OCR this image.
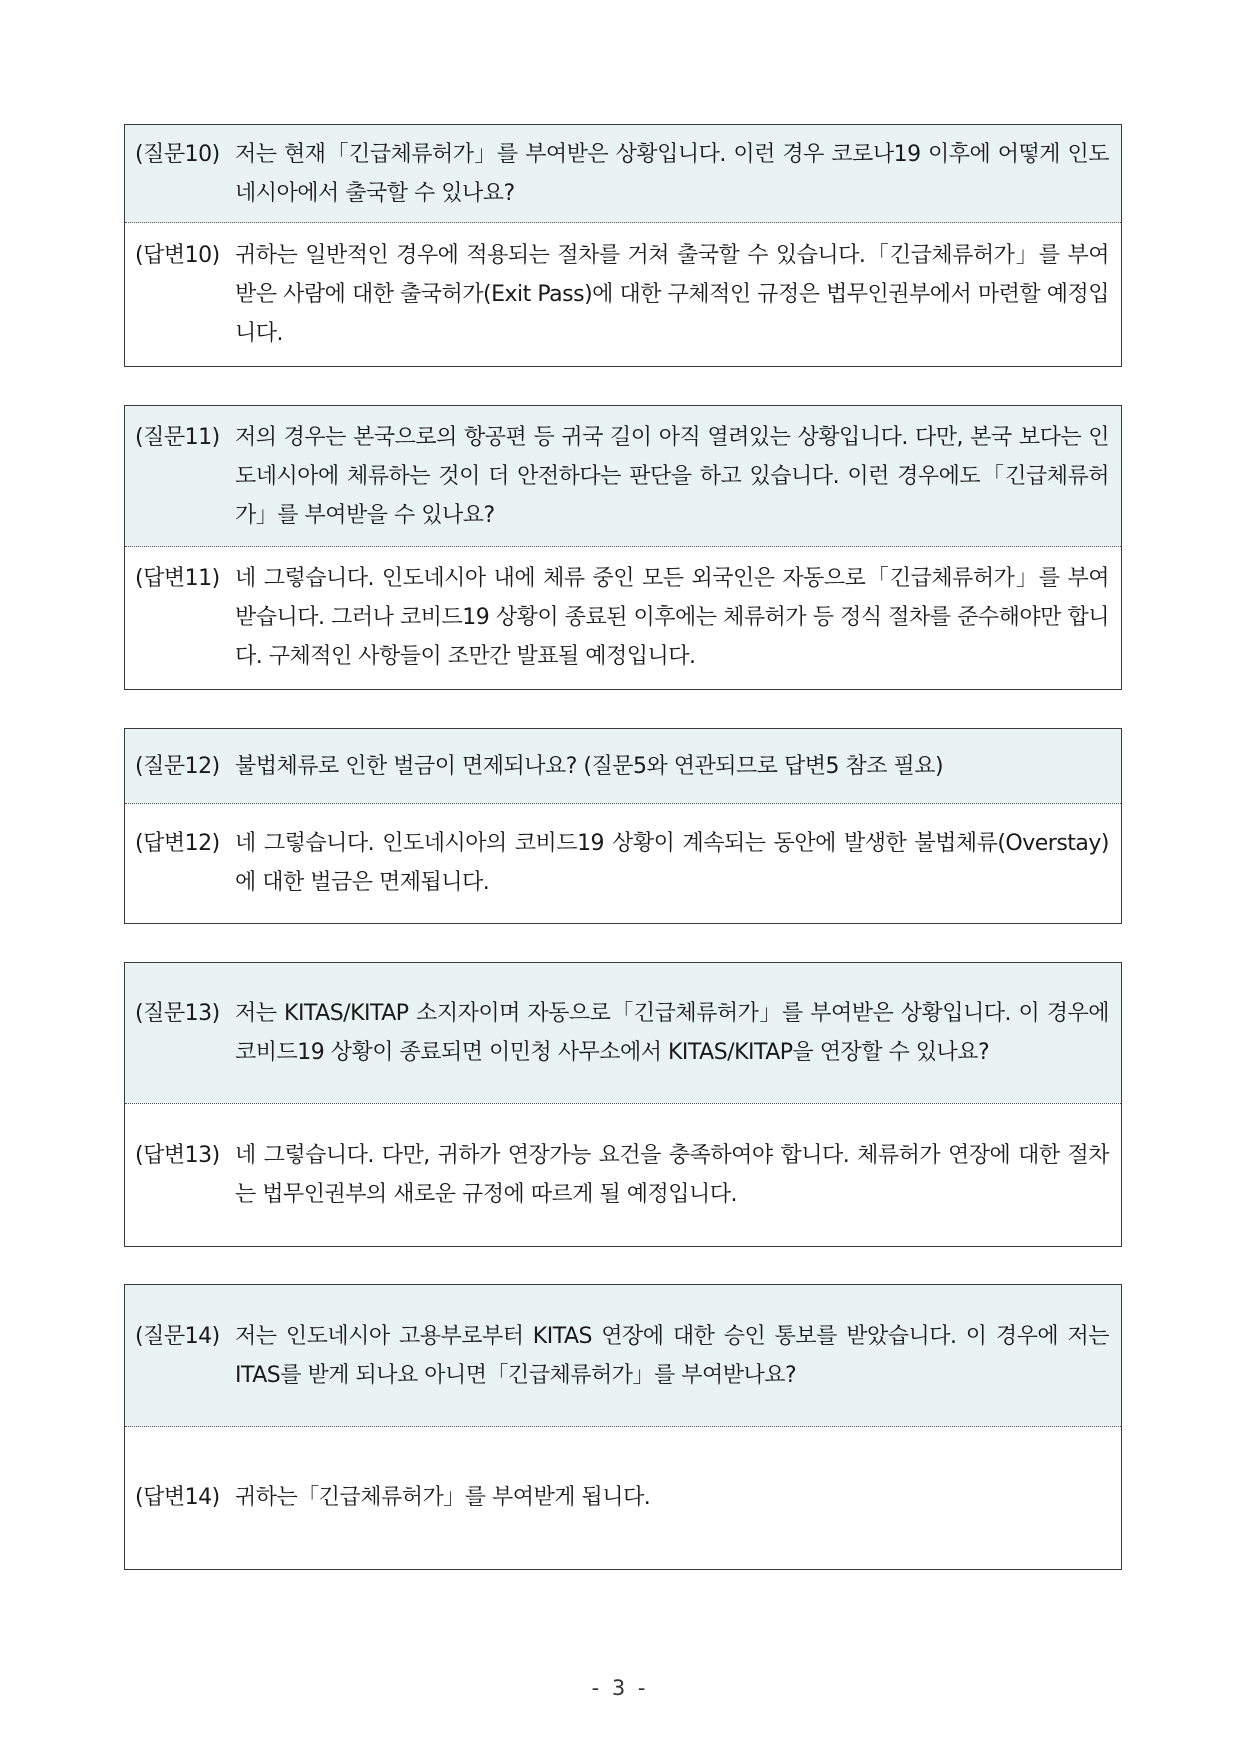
(질문10) 저는 현재「긴급체류허가」를 부여받은 상황입니다. 이런 경우 코로나19 이후에 어떻게 인도네시아에서 출국할 수 있나요?
(답변10) 귀하는 일반적인 경우에 적용되는 절차를 거쳐 출국할 수 있습니다.「긴급체류허가」를 부여받은 사람에 대한 출국허가(Exit Pass)에 대한 구체적인 규정은 법무인권부에서 마련할 예정입니다.
(질문11) 저의 경우는 본국으로의 항공편 등 귀국 길이 아직 열려있는 상황입니다. 다만, 본국 보다는 인도네시아에 체류하는 것이 더 안전하다는 판단을 하고 있습니다. 이런 경우에도「긴급체류허가」를 부여받을 수 있나요?
(답변11) 네 그렇습니다. 인도네시아 내에 체류 중인 모든 외국인은 자동으로「긴급체류허가」를 부여받습니다. 그러나 코비드19 상황이 종료된 이후에는 체류허가 등 정식 절차를 준수해야만 합니다. 구체적인 사항들이 조만간 발표될 예정입니다.
(질문12) 불법체류로 인한 벌금이 면제되나요? (질문5와 연관되므로 답변5 참조 필요)
(답변12) 네 그렇습니다. 인도네시아의 코비드19 상황이 계속되는 동안에 발생한 불법체류(Overstay)에 대한 벌금은 면제됩니다.
(질문13) 저는 KITAS/KITAP 소지자이며 자동으로「긴급체류허가」를 부여받은 상황입니다. 이 경우에 코비드19 상황이 종료되면 이민청 사무소에서 KITAS/KITAP을 연장할 수 있나요?
(답변13) 네 그렇습니다. 다만, 귀하가 연장가능 요건을 충족하여야 합니다. 체류허가 연장에 대한 절차는 법무인권부의 새로운 규정에 따르게 될 예정입니다.
(질문14) 저는 인도네시아 고용부로부터 KITAS 연장에 대한 승인 통보를 받았습니다. 이 경우에 저는 ITAS를 받게 되나요 아니면「긴급체류허가」를 부여받나요?
(답변14) 귀하는「긴급체류허가」를 부여받게 됩니다.
- 3 -
